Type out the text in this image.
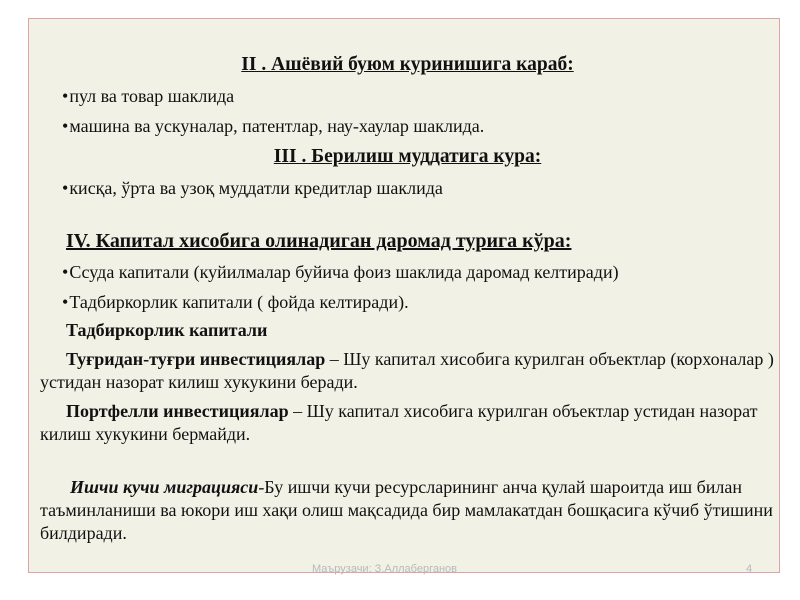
II . Ашёвий буюм куринишига караб:

•пул ва товар шаклида

•машина ва ускуналар, патентлар, нау-хаулар шаклида.

III . Берилиш муддатига кура:

•кисқа, ўрта ва узоқ муддатли кредитлар шаклида

IV. Капитал хисобига олинадиган даромад турига кўра:

•Ссуда капитали (куйилмалар буйича фоиз шаклида даромад келтиради)

•Тадбиркорлик капитали ( фойда келтиради).

Тадбиркорлик капитали

Туғридан-туғри инвестициялар – Шу капитал хисобига курилган объектлар (корхоналар ) устидан назорат килиш хукукини беради.

Портфелли инвестициялар – Шу капитал хисобига курилган объектлар устидан назорат килиш хукукини бермайди.

Ишчи кучи миграцияси-Бу ишчи кучи ресурсларининг анча қулай шароитда иш билан таъминланиши ва юкори иш хақи олиш мақсадида бир мамлакатдан бошқасига кўчиб ўтишини билдиради.

Маърузачи: З.Аллаберганов	4
